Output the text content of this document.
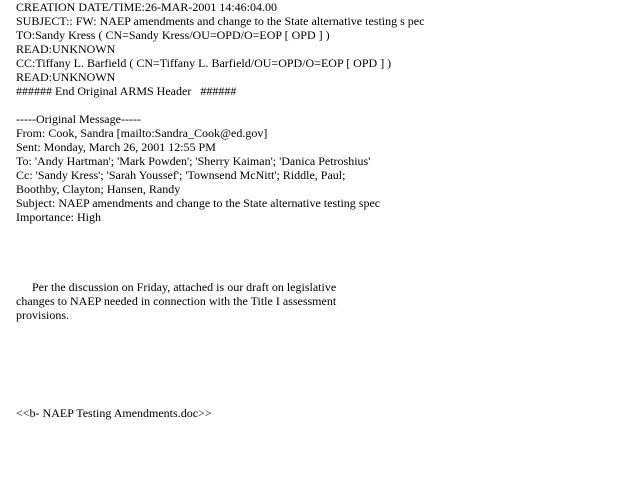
CREATION DATE/TIME:26-MAR-2001 14:46:04.00
SUBJECT:: FW: NAEP amendments and change to the State alternative testing s pec
TO:Sandy Kress ( CN=Sandy Kress/OU=OPD/O=EOP [ OPD ] )
READ:UNKNOWN
CC:Tiffany L. Barfield ( CN=Tiffany L. Barfield/OU=OPD/O=EOP [ OPD ] )
READ:UNKNOWN
###### End Original ARMS Header   ######
-----Original Message-----
From: Cook, Sandra [mailto:Sandra_Cook@ed.gov]
Sent: Monday, March 26, 2001 12:55 PM
To: 'Andy Hartman'; 'Mark Powden'; 'Sherry Kaiman'; 'Danica Petroshius'
Cc: 'Sandy Kress'; 'Sarah Youssef'; 'Townsend McNitt'; Riddle, Paul;
Boothby, Clayton; Hansen, Randy
Subject: NAEP amendments and change to the State alternative testing spec
Importance: High
Per the discussion on Friday, attached is our draft on legislative
changes to NAEP needed in connection with the Title I assessment
provisions.
<<b- NAEP Testing Amendments.doc>>
